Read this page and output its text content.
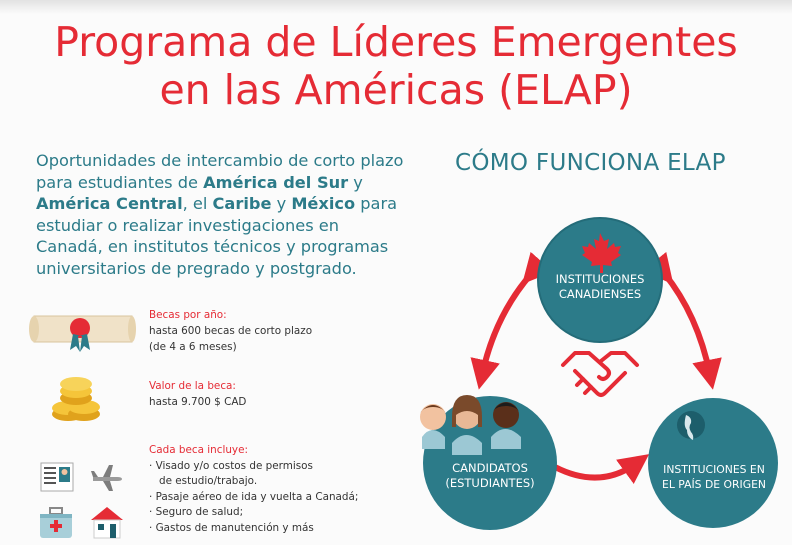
Programa de Líderes Emergentes
en las Américas (ELAP)

Oportunidades de intercambio de corto plazo para estudiantes de América del Sur y América Central, el Caribe y México para estudiar o realizar investigaciones en Canadá, en institutos técnicos y programas universitarios de pregrado y postgrado.

CÓMO FUNCIONA ELAP
INSTITUCIONES
CANADIENSES
CANDIDATOS
(ESTUDIANTES)
INSTITUCIONES EN
EL PAÍS DE ORIGEN
Becas por año:
hasta 600 becas de corto plazo
(de 4 a 6 meses)
Valor de la beca:
hasta 9.700 $ CAD
Cada beca incluye:
· Visado y/o costos de permisos
de estudio/trabajo.
· Pasaje aéreo de ida y vuelta a Canadá;
· Seguro de salud;
· Gastos de manutención y más
